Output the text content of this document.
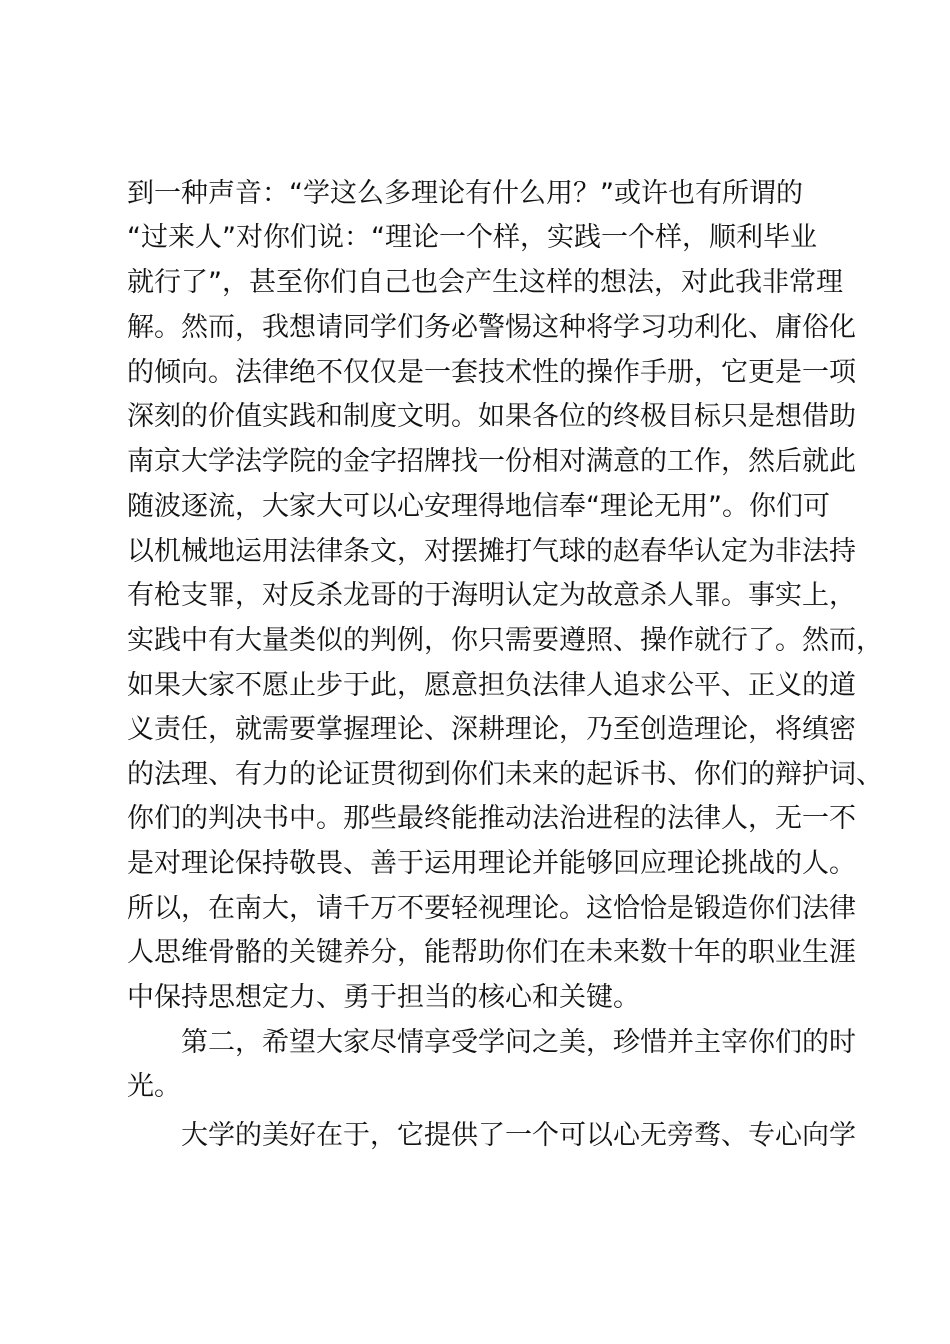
到一种声音：“学这么多理论有什么用？”或许也有所谓的
“过来人”对你们说：“理论一个样，实践一个样，顺利毕业
就行了”，甚至你们自己也会产生这样的想法，对此我非常理
解。然而，我想请同学们务必警惕这种将学习功利化、庸俗化
的倾向。法律绝不仅仅是一套技术性的操作手册，它更是一项
深刻的价值实践和制度文明。如果各位的终极目标只是想借助
南京大学法学院的金字招牌找一份相对满意的工作，然后就此
随波逐流，大家大可以心安理得地信奉“理论无用”。你们可
以机械地运用法律条文，对摆摊打气球的赵春华认定为非法持
有枪支罪，对反杀龙哥的于海明认定为故意杀人罪。事实上，
实践中有大量类似的判例，你只需要遵照、操作就行了。然而，
如果大家不愿止步于此，愿意担负法律人追求公平、正义的道
义责任，就需要掌握理论、深耕理论，乃至创造理论，将缜密
的法理、有力的论证贯彻到你们未来的起诉书、你们的辩护词、
你们的判决书中。那些最终能推动法治进程的法律人，无一不
是对理论保持敬畏、善于运用理论并能够回应理论挑战的人。
所以，在南大，请千万不要轻视理论。这恰恰是锻造你们法律
人思维骨骼的关键养分，能帮助你们在未来数十年的职业生涯
中保持思想定力、勇于担当的核心和关键。
第二，希望大家尽情享受学问之美，珍惜并主宰你们的时
光。
大学的美好在于，它提供了一个可以心无旁骛、专心向学
